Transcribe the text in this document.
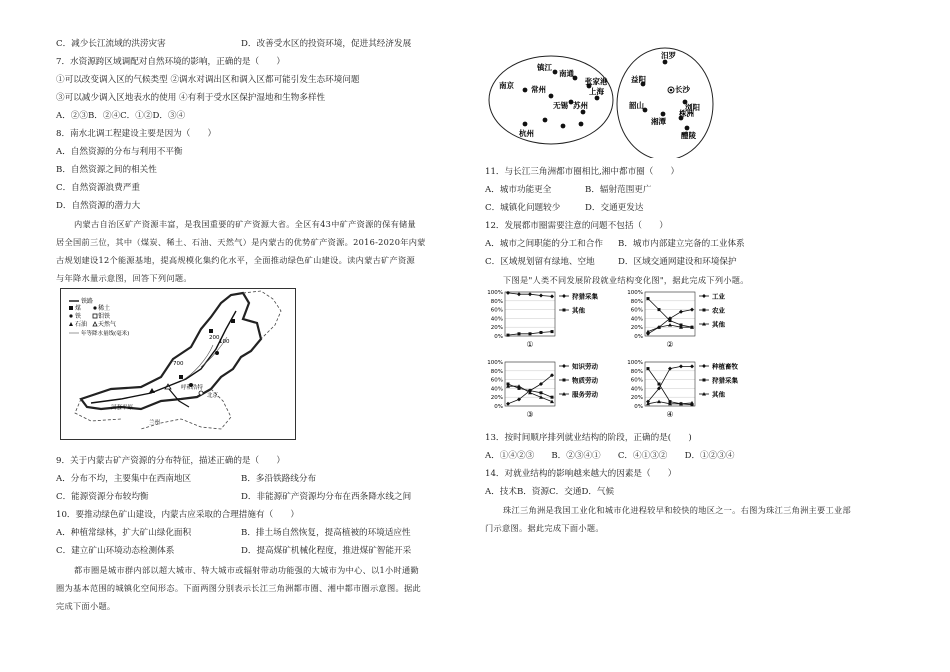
C．减少长江流域的洪涝灾害	D．改善受水区的投资环境，促进其经济发展
7．水资源跨区域调配对自然环境的影响，正确的是（　　）
①可以改变调入区的气候类型 ②调水对调出区和调入区都可能引发生态环境问题
③可以减少调入区地表水的使用 ④有利于受水区保护湿地和生物多样性
A．②③B．②④C．①②D．③④
8．南水北调工程建设主要是因为（　　）
A．自然资源的分布与利用不平衡
B．自然资源之间的相关性
C．自然资源浪费严重
D．自然资源的潜力大
内蒙古自治区矿产资源丰富，是我国重要的矿产资源大省。全区有43中矿产资源的保有储量
居全国前三位，其中（煤炭、稀土、石油、天然气）是内蒙古的优势矿产资源。2016-2020年内蒙
古规划建设12个能源基地，提高规模化集约化水平，全面推动绿色矿山建设。读内蒙古矿产资源
与年降水量示意图，回答下列问题。
铁路
煤	稀土
铁	钼铁
石油 天然气
年等降水量线(毫米)
700
100
200
呼和浩特
北京
河套平原
兰州
9．关于内蒙古矿产资源的分布特征，描述正确的是（　　）
A．分布不均，主要集中在西南地区	B．多沿铁路线分布
C．能源资源分布较均衡	D．非能源矿产资源均分布在西条降水线之间
10．要推动绿色矿山建设，内蒙古应采取的合理措施有（　　）
A．种植常绿林，扩大矿山绿化面积	B．排土场自然恢复，提高植被的环境适应性
C．建立矿山环境动态检测体系	D．提高煤矿机械化程度，推进煤矿智能开采
都市圈是城市群内部以超大城市、特大城市或辐射带动功能强的大城市为中心、以1小时通勤
圈为基本范围的城镇化空间形态。下面两图分别表示长江三角洲都市圈、湘中都市圈示意图。据此
完成下面小题。
镇江
南通
南京 常州
张家港
上海
无锡 苏州
杭州
汨罗
益阳
长沙
浏阳
韶山
湘潭
株洲
醴陵
11．与长江三角洲都市圈相比,湘中都市圈（　　）
A．城市功能更全	B．辐射范围更广
C．城镇化问题较少	D．交通更发达
12．发展都市圈需要注意的问题不包括（　　）
A．城市之间职能的分工和合作 B．城市内部建立完备的工业体系
C．区域规划留有绿地、空地	D．区域交通网建设和环境保护
下图是"人类不同发展阶段就业结构变化图"，据此完成下列小题。
100%
80%
60%
40%
20%
0%
狩猎采集
其他
①
100%
80%
60%
40%
20%
0%
工业
农业
其他
②
100%
80%
60%
40%
20%
0%
知识劳动
物质劳动
服务劳动
③
100%
80%
60%
40%
20%
0%
种植畜牧
狩猎采集
其他
④
13．按时间顺序排列就业结构的阶段，正确的是(　　)
A．①④②③　　B．②③④①　　C．④①③②　　D．①②③④
14．对就业结构的影响越来越大的因素是（　　）
A．技术B．资源C．交通D．气候
珠江三角洲是我国工业化和城市化进程较早和较快的地区之一。右图为珠江三角洲主要工业部
门示意图。据此完成下面小题。
